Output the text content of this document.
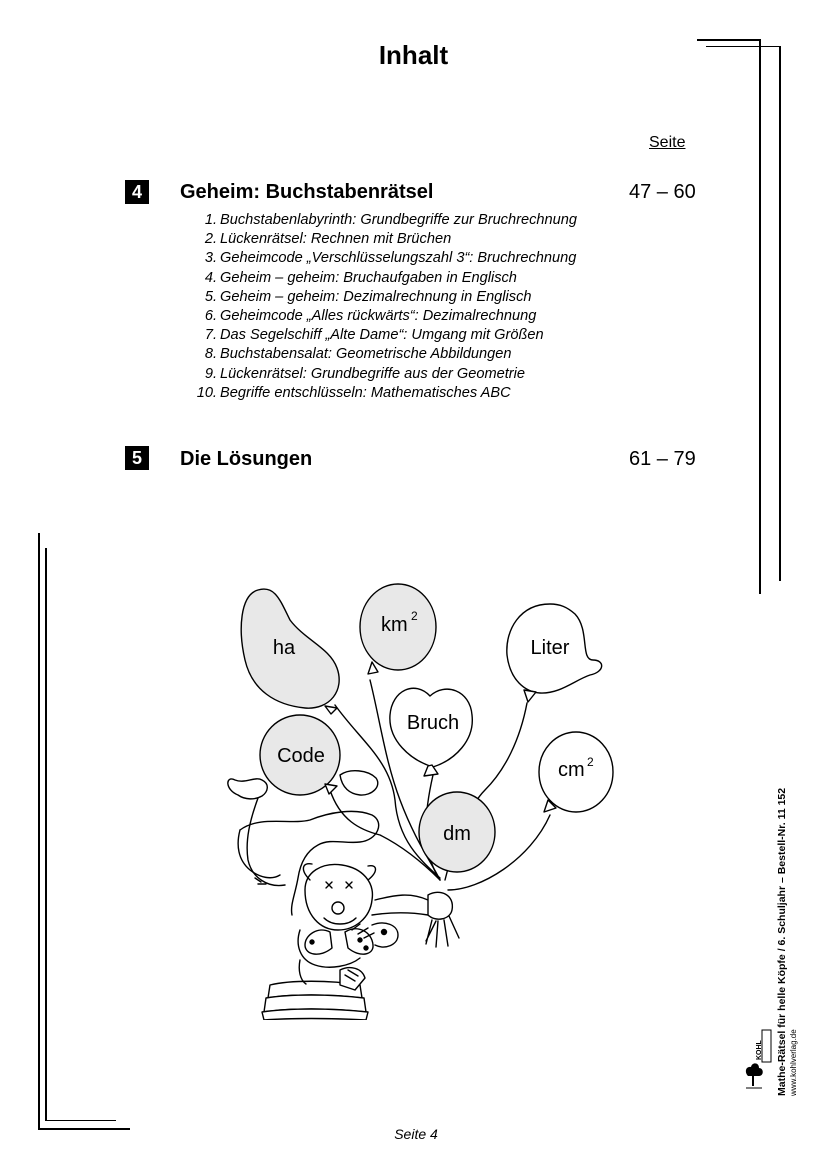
Inhalt
Seite
4	Geheim: Buchstabenrätsel	47 – 60
1. Buchstabenlabyrinth: Grundbegriffe zur Bruchrechnung
2. Lückenrätsel: Rechnen mit Brüchen
3. Geheimcode „Verschlüsselungszahl 3“: Bruchrechnung
4. Geheim – geheim: Bruchaufgaben in Englisch
5. Geheim – geheim: Dezimalrechnung in Englisch
6. Geheimcode „Alles rückwärts“: Dezimalrechnung
7. Das Segelschiff „Alte Dame“: Umgang mit Größen
8. Buchstabensalat: Geometrische Abbildungen
9. Lückenrätsel: Grundbegriffe aus der Geometrie
10. Begriffe entschlüsseln: Mathematisches ABC
5	Die Lösungen	61 – 79
ha
km 2
Liter
Bruch
Code
cm 2
dm	Mathe-Rätsel für helle Köpfe / 6. Schuljahr – Bestell-Nr. 11 152 www.kohlverlag.de
KOHL
Seite 4
